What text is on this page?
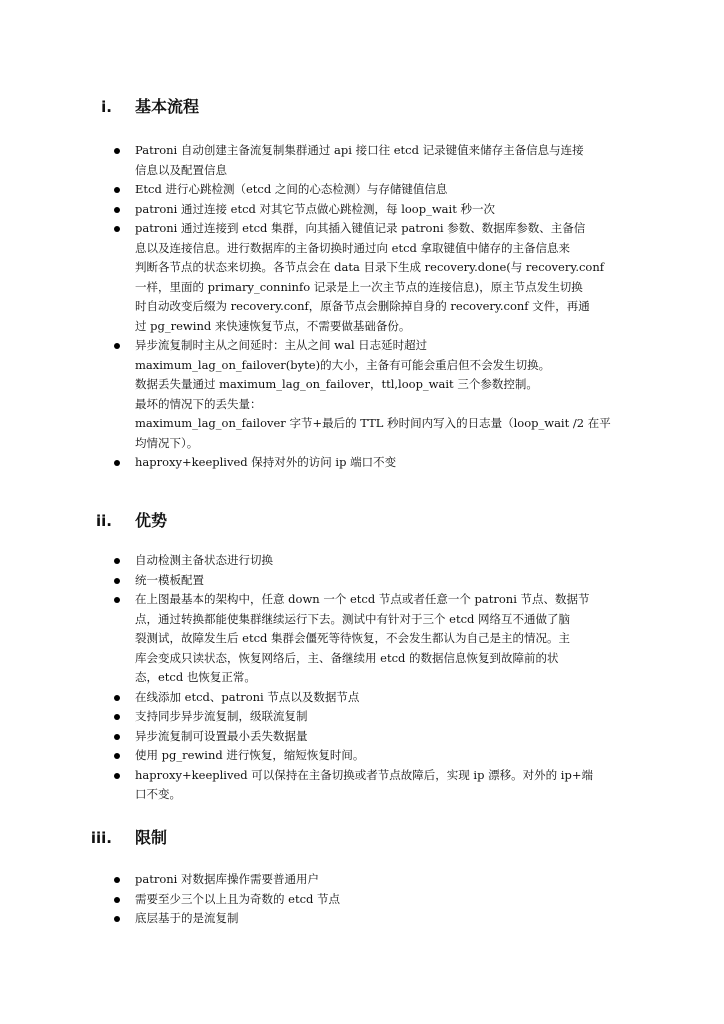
i. 基本流程
Patroni 自动创建主备流复制集群通过 api 接口往 etcd 记录键值来储存主备信息与连接
信息以及配置信息
Etcd 进行心跳检测（etcd 之间的心态检测）与存储键值信息
patroni 通过连接 etcd 对其它节点做心跳检测，每 loop_wait 秒一次
patroni 通过连接到 etcd 集群，向其插入键值记录 patroni 参数、数据库参数、主备信
息以及连接信息。进行数据库的主备切换时通过向 etcd 拿取键值中储存的主备信息来
判断各节点的状态来切换。各节点会在 data 目录下生成 recovery.done(与 recovery.conf
一样，里面的 primary_conninfo 记录是上一次主节点的连接信息)，原主节点发生切换
时自动改变后缀为 recovery.conf，原备节点会删除掉自身的 recovery.conf 文件，再通
过 pg_rewind 来快速恢复节点，不需要做基础备份。
异步流复制时主从之间延时：主从之间 wal 日志延时超过
maximum_lag_on_failover(byte)的大小，主备有可能会重启但不会发生切换。
数据丢失量通过 maximum_lag_on_failover，ttl,loop_wait 三个参数控制。
最坏的情况下的丢失量：
maximum_lag_on_failover 字节+最后的 TTL 秒时间内写入的日志量（loop_wait /2 在平
均情况下）。
haproxy+keeplived 保持对外的访问 ip 端口不变
ii. 优势
自动检测主备状态进行切换
统一模板配置
在上图最基本的架构中，任意 down 一个 etcd 节点或者任意一个 patroni 节点、数据节
点，通过转换都能使集群继续运行下去。测试中有针对于三个 etcd 网络互不通做了脑
裂测试，故障发生后 etcd 集群会僵死等待恢复，不会发生都认为自己是主的情况。主
库会变成只读状态，恢复网络后，主、备继续用 etcd 的数据信息恢复到故障前的状
态，etcd 也恢复正常。
在线添加 etcd、patroni 节点以及数据节点
支持同步异步流复制，级联流复制
异步流复制可设置最小丢失数据量
使用 pg_rewind 进行恢复，缩短恢复时间。
haproxy+keeplived 可以保持在主备切换或者节点故障后，实现 ip 漂移。对外的 ip+端
口不变。
iii. 限制
patroni 对数据库操作需要普通用户
需要至少三个以上且为奇数的 etcd 节点
底层基于的是流复制
